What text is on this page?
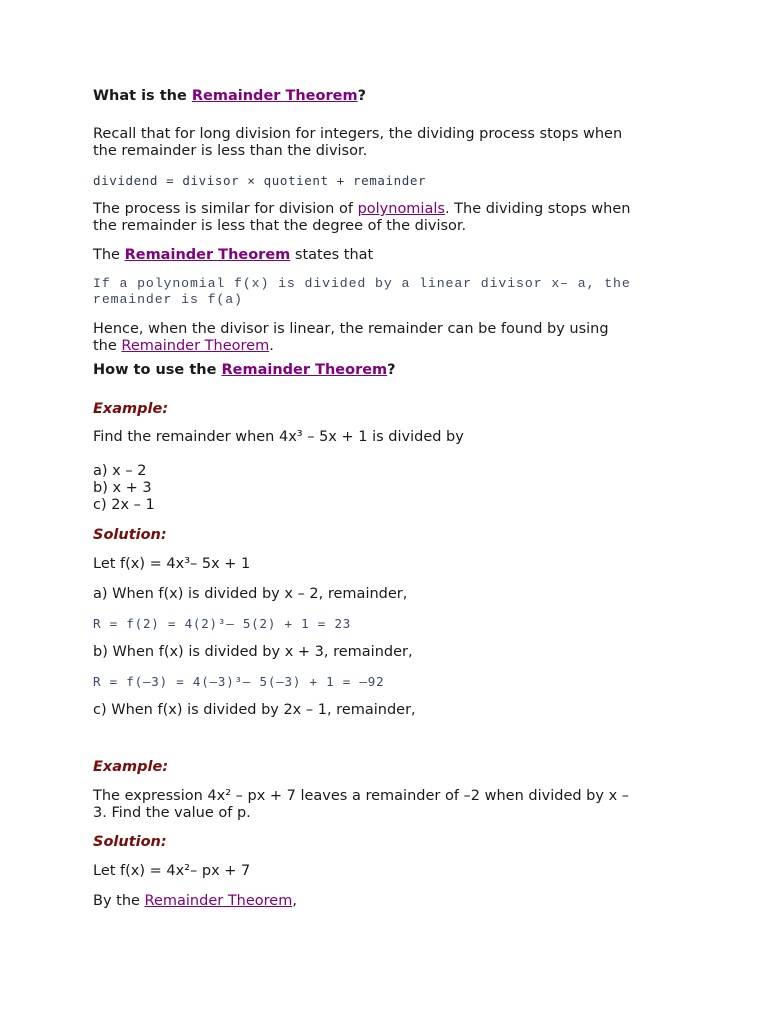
What is the Remainder Theorem?
Recall that for long division for integers, the dividing process stops when
the remainder is less than the divisor.
dividend = divisor × quotient + remainder
The process is similar for division of polynomials. The dividing stops when
the remainder is less that the degree of the divisor.
The Remainder Theorem states that
If a polynomial f(x) is divided by a linear divisor x– a, the
remainder is f(a)
Hence, when the divisor is linear, the remainder can be found by using
the Remainder Theorem.
How to use the Remainder Theorem?
Example:
Find the remainder when 4x³ – 5x + 1 is divided by
a) x – 2
b) x + 3
c) 2x – 1
Solution:
Let f(x) = 4x³– 5x + 1
a) When f(x) is divided by x – 2, remainder,
R = f(2) = 4(2)³– 5(2) + 1 = 23
b) When f(x) is divided by x + 3, remainder,
R = f(–3) = 4(–3)³– 5(–3) + 1 = –92
c) When f(x) is divided by 2x – 1, remainder,
Example:
The expression 4x² – px + 7 leaves a remainder of –2 when divided by x –
3. Find the value of p.
Solution:
Let f(x) = 4x²– px + 7
By the Remainder Theorem,
